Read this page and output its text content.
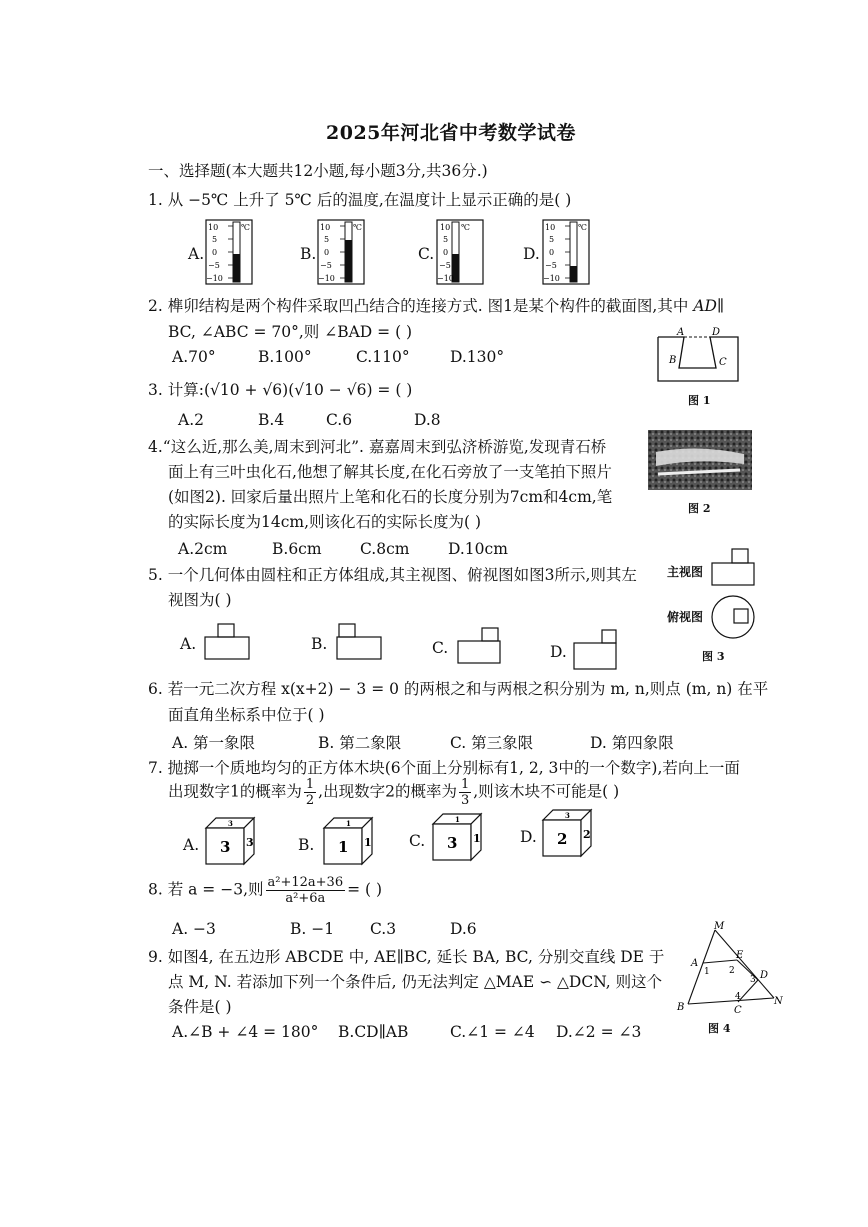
2025年河北省中考数学试卷
一、选择题(本大题共12小题,每小题3分,共36分.)
1. 从 −5℃ 上升了 5℃ 后的温度,在温度计上显示正确的是( )
A.	B.	C.	D.
10
5
0
−5
−10
℃	10
5
0
−5
−10
℃	10
5
0
−5
−10
℃	10
5
0
−5
−10
℃
2. 榫卯结构是两个构件采取凹凸结合的连接方式. 图1是某个构件的截面图,其中 AD∥
BC, ∠ABC = 70°,则 ∠BAD = ( )
A.70°	B.100°	C.110°	D.130°
A	D
B	C
图 1
3. 计算:(√10 + √6)(√10 − √6) = ( )
A.2	B.4	C.6	D.8
4.“这么近,那么美,周末到河北”. 嘉嘉周末到弘济桥游览,发现青石桥
面上有三叶虫化石,他想了解其长度,在化石旁放了一支笔拍下照片
(如图2). 回家后量出照片上笔和化石的长度分别为7cm和4cm,笔
的实际长度为14cm,则该化石的实际长度为( )
A.2cm	B.6cm C.8cm D.10cm
图 2
5. 一个几何体由圆柱和正方体组成,其主视图、俯视图如图3所示,则其左
视图为( )
A.	B.	C.	D.
主视图
俯视图
图 3
6. 若一元二次方程 x(x+2) − 3 = 0 的两根之和与两根之积分别为 m, n,则点 (m, n) 在平
面直角坐标系中位于( )
A. 第一象限	B. 第二象限	C. 第三象限	D. 第四象限
7. 抛掷一个质地均匀的正方体木块(6个面上分别标有1, 2, 3中的一个数字),若向上一面
出现数字1的概率为 $\frac{1}{2}$ ,出现数字2的概率为 $\frac{1}{3}$ ,则该木块不可能是( )
A.	B.	C.	D.
3
3 3
1
1 1
1
3 1
3
2 2
8. 若 a = −3,则 $\frac{\text{a²+12a+36}}{\text{a²+6a}}$ = ( )
A. −3	B. −1 C.3	D.6
9. 如图4, 在五边形 ABCDE 中, AE∥BC, 延长 BA, BC, 分别交直线 DE 于
点 M, N. 若添加下列一个条件后, 仍无法判定 △MAE ∽ △DCN, 则这个
条件是( )
A.∠B + ∠4 = 180° B.CD∥AB	C.∠1 = ∠4 D.∠2 = ∠3
M
A
E
D
N
B	C
1 2
3
4
图 4
